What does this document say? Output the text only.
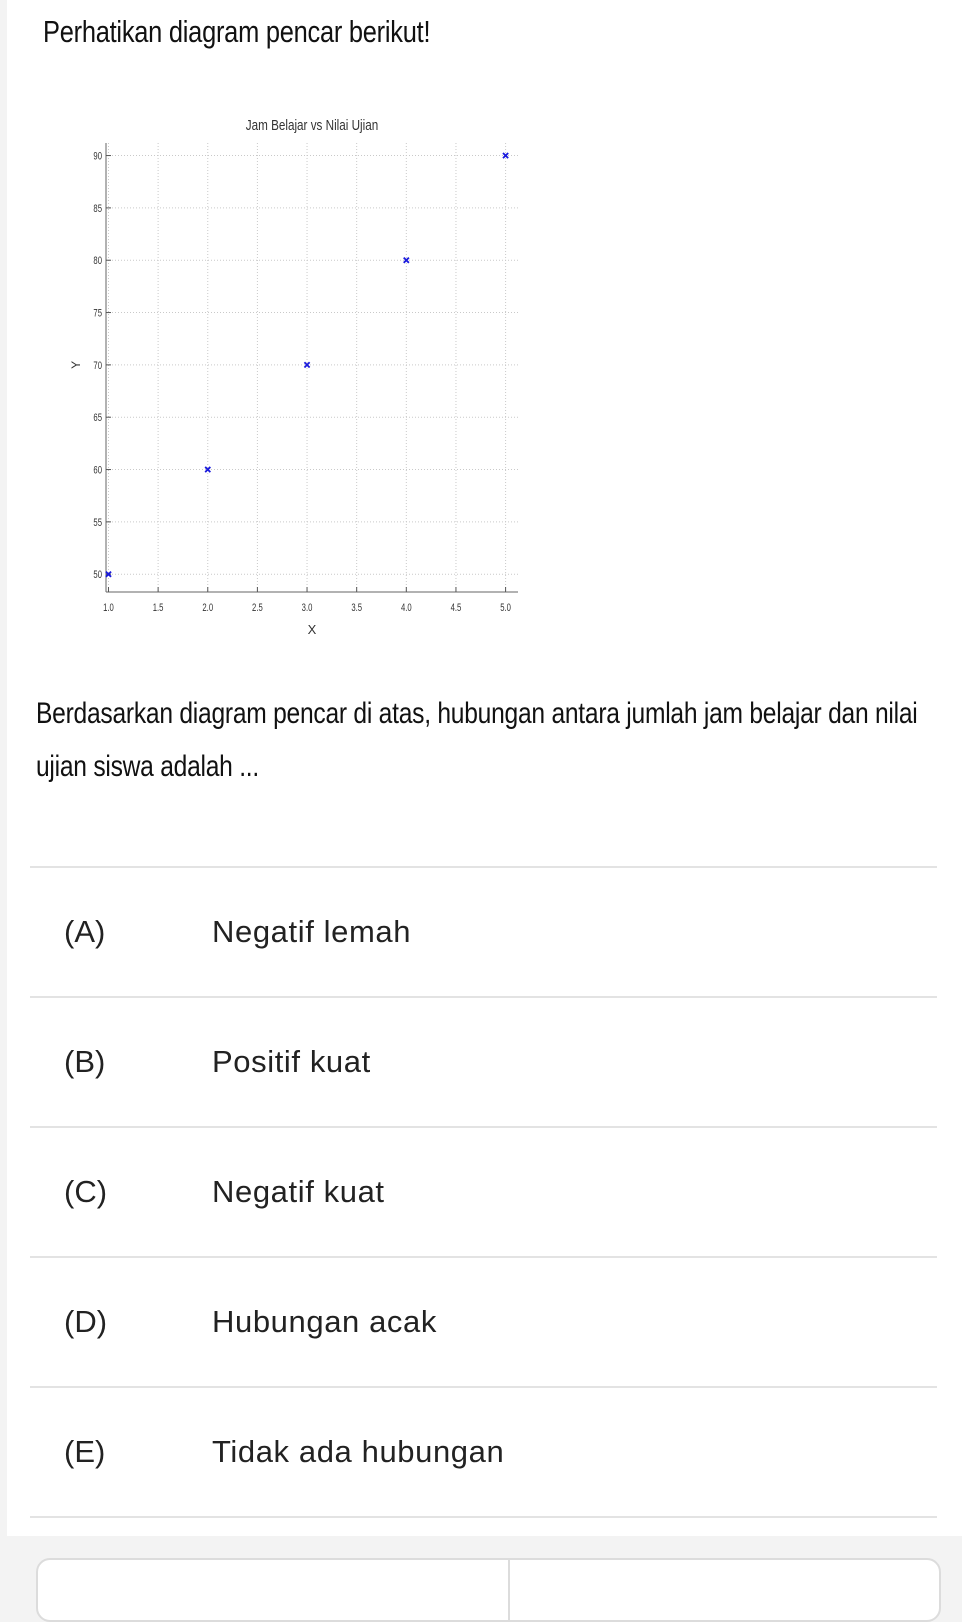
Perhatikan diagram pencar berikut!
50
55
60
65
70
75
80
85
90
1.0	1.5	2.0	2.5	3.0	3.5	4.0	4.5	5.0
Jam Belajar vs Nilai Ujian
X
Y

Berdasarkan diagram pencar di atas, hubungan antara jumlah jam belajar dan nilai ujian siswa adalah ...

(A)	Negatif lemah
(B)	Positif kuat
(C)	Negatif kuat
(D)	Hubungan acak
(E)	Tidak ada hubungan
